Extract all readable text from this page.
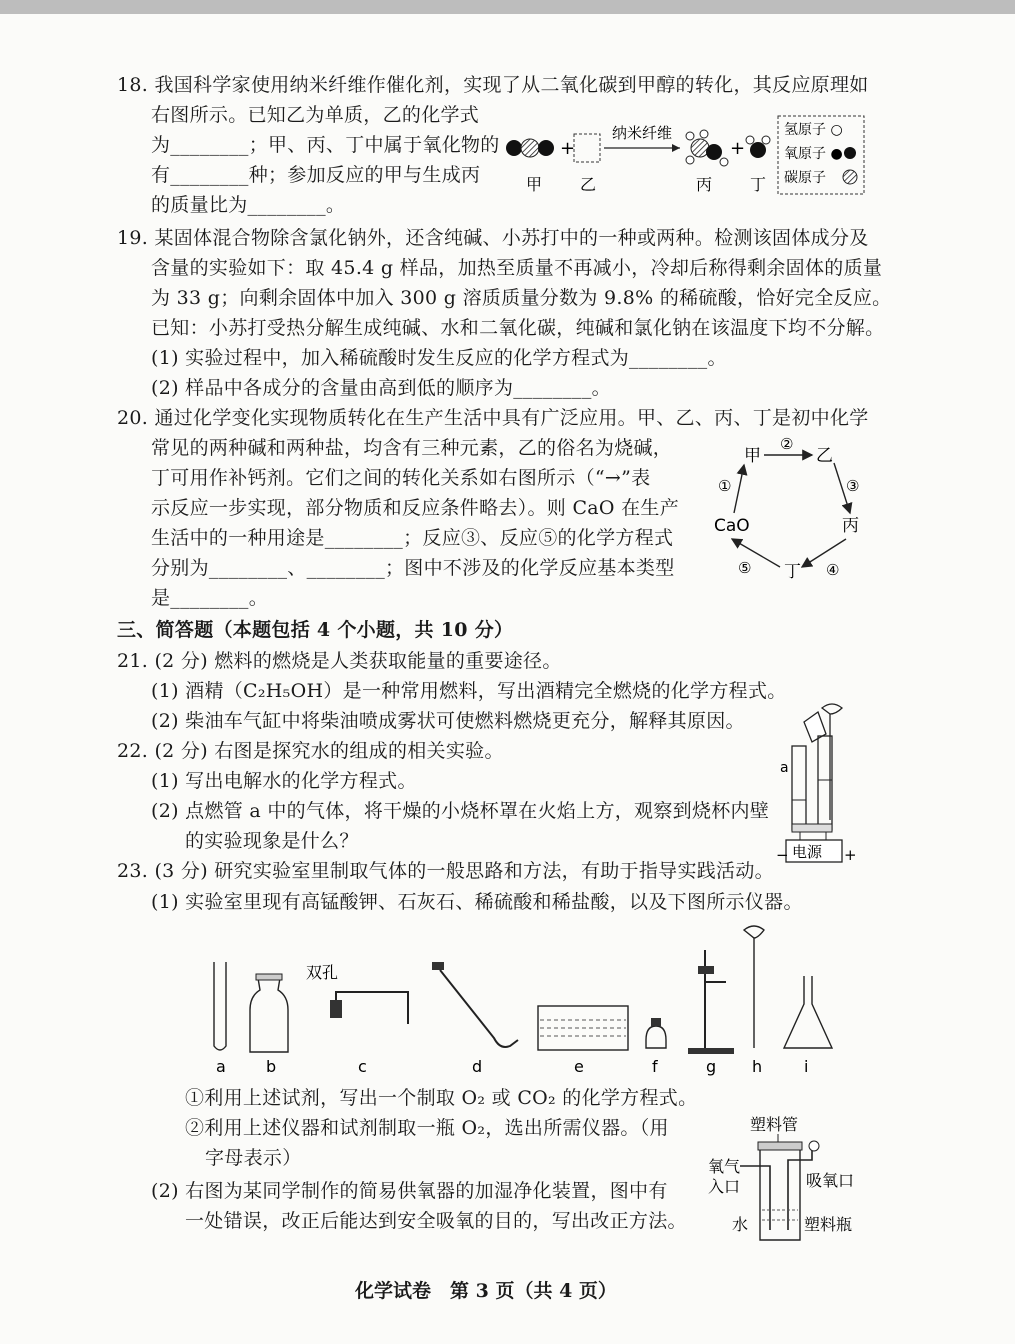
18. 我国科学家使用纳米纤维作催化剂，实现了从二氧化碳到甲醇的转化，其反应原理如
右图所示。已知乙为单质，乙的化学式
为________；甲、丙、丁中属于氧化物的
有________种；参加反应的甲与生成丙
的质量比为________。
+
纳米纤维
+
氢原子 ○
氧原子 ●
碳原子
甲 乙	丙 丁
19. 某固体混合物除含氯化钠外，还含纯碱、小苏打中的一种或两种。检测该固体成分及
含量的实验如下：取 45.4 g 样品，加热至质量不再减小，冷却后称得剩余固体的质量
为 33 g；向剩余固体中加入 300 g 溶质质量分数为 9.8% 的稀硫酸，恰好完全反应。
已知：小苏打受热分解生成纯碱、水和二氧化碳，纯碱和氯化钠在该温度下均不分解。
(1) 实验过程中，加入稀硫酸时发生反应的化学方程式为________。
(2) 样品中各成分的含量由高到低的顺序为________。
20. 通过化学变化实现物质转化在生产生活中具有广泛应用。甲、乙、丙、丁是初中化学
常见的两种碱和两种盐，均含有三种元素，乙的俗名为烧碱，
丁可用作补钙剂。它们之间的转化关系如右图所示（“→”表
示反应一步实现，部分物质和反应条件略去）。则 CaO 在生产
生活中的一种用途是________；反应③、反应⑤的化学方程式
分别为________、________；图中不涉及的化学反应基本类型
是________。
甲	乙
丙
丁
CaO
②
③
④
⑤
①
三、简答题（本题包括 4 个小题，共 10 分）
21. (2 分) 燃料的燃烧是人类获取能量的重要途径。
(1) 酒精（C₂H₅OH）是一种常用燃料，写出酒精完全燃烧的化学方程式。
(2) 柴油车气缸中将柴油喷成雾状可使燃料燃烧更充分，解释其原因。
22. (2 分) 右图是探究水的组成的相关实验。
(1) 写出电解水的化学方程式。
(2) 点燃管 a 中的气体，将干燥的小烧杯罩在火焰上方，观察到烧杯内壁
的实验现象是什么？
a
电源
−	+
23. (3 分) 研究实验室里制取气体的一般思路和方法，有助于指导实践活动。
(1) 实验室里现有高锰酸钾、石灰石、稀硫酸和稀盐酸，以及下图所示仪器。
双孔
a	b	c	d	e	f	g h	i
①利用上述试剂，写出一个制取 O₂ 或 CO₂ 的化学方程式。
②利用上述仪器和试剂制取一瓶 O₂，选出所需仪器。（用
字母表示）
(2) 右图为某同学制作的简易供氧器的加湿净化装置，图中有
一处错误，改正后能达到安全吸氧的目的，写出改正方法。
塑料管
氧气
入口	吸氧口
水	塑料瓶
化学试卷　第 3 页（共 4 页）
